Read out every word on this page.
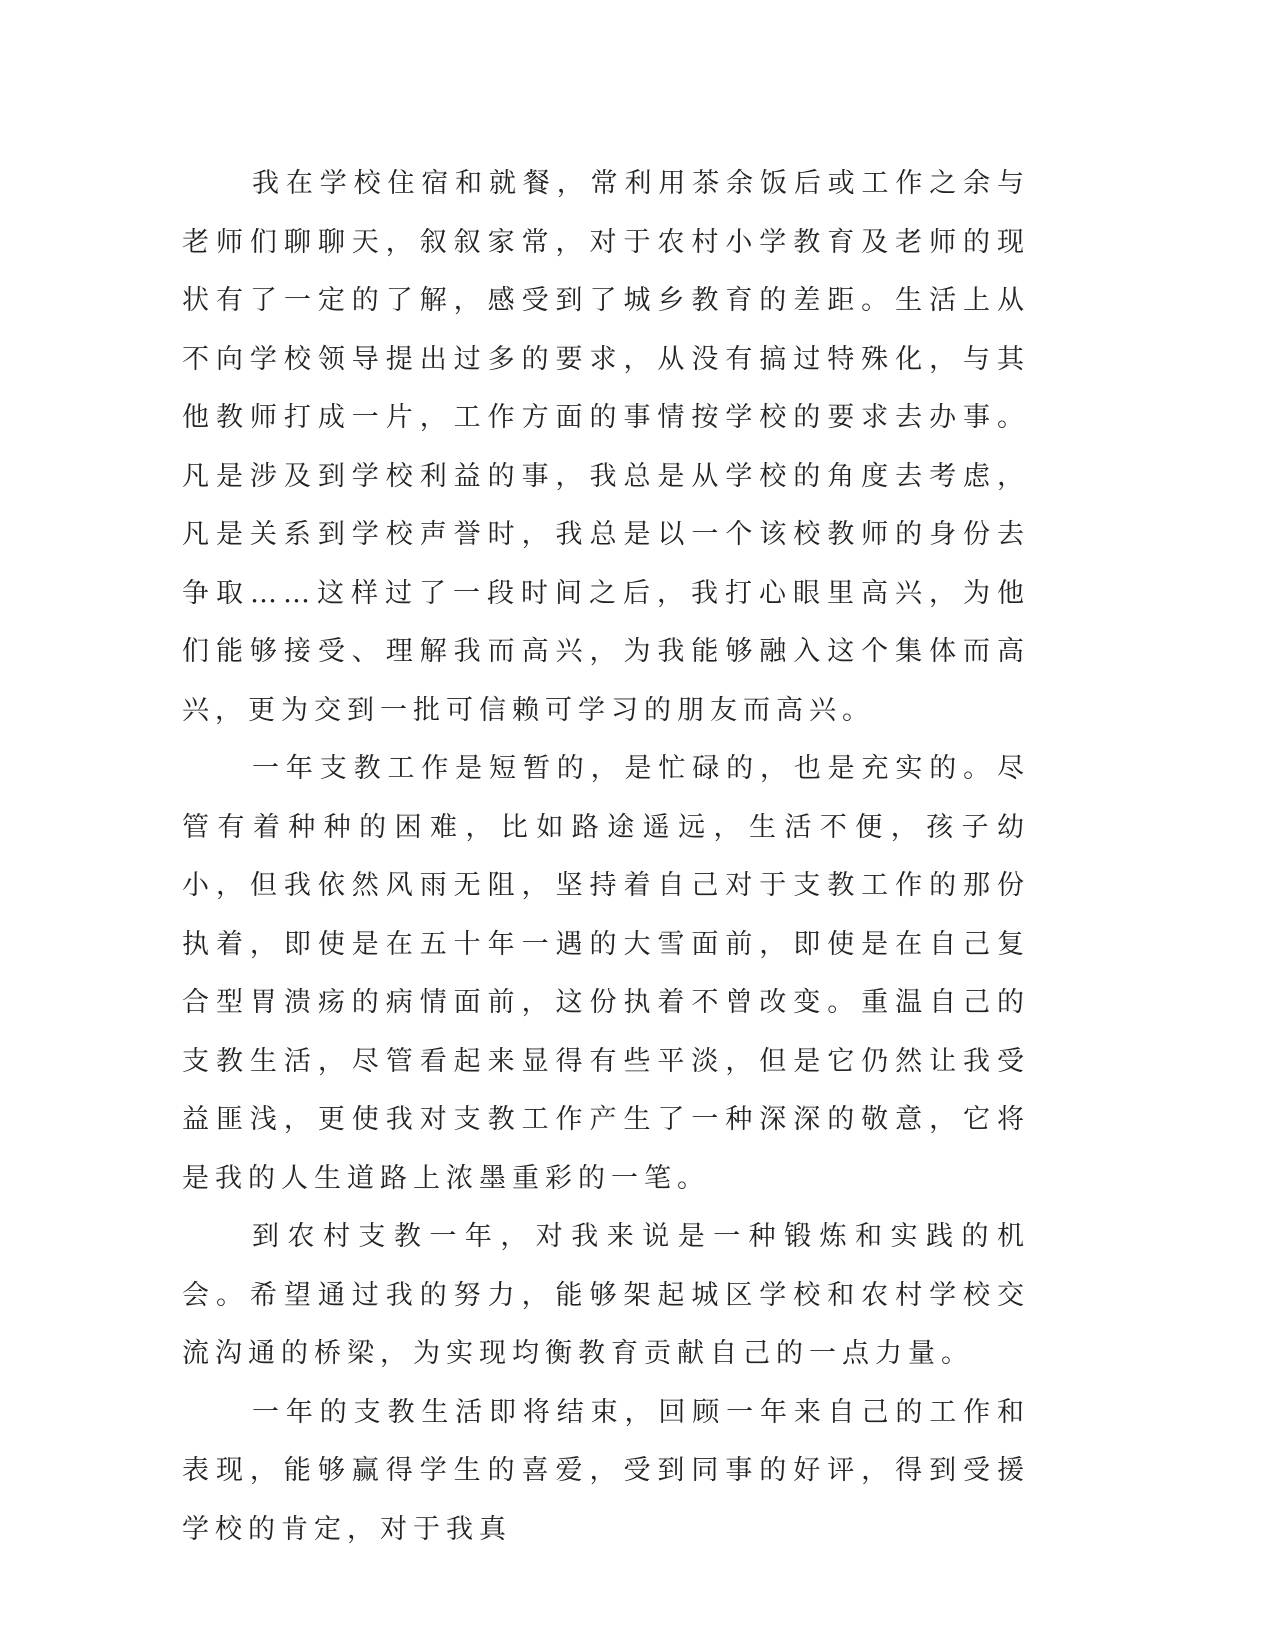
我在学校住宿和就餐，常利用茶余饭后或工作之余与老师们聊聊天，叙叙家常，对于农村小学教育及老师的现状有了一定的了解，感受到了城乡教育的差距。生活上从不向学校领导提出过多的要求，从没有搞过特殊化，与其他教师打成一片，工作方面的事情按学校的要求去办事。凡是涉及到学校利益的事，我总是从学校的角度去考虑，凡是关系到学校声誉时，我总是以一个该校教师的身份去争取……这样过了一段时间之后，我打心眼里高兴，为他们能够接受、理解我而高兴，为我能够融入这个集体而高兴，更为交到一批可信赖可学习的朋友而高兴。

一年支教工作是短暂的，是忙碌的，也是充实的。尽管有着种种的困难，比如路途遥远，生活不便，孩子幼小，但我依然风雨无阻，坚持着自己对于支教工作的那份执着，即使是在五十年一遇的大雪面前，即使是在自己复合型胃溃疡的病情面前，这份执着不曾改变。重温自己的支教生活，尽管看起来显得有些平淡，但是它仍然让我受益匪浅，更使我对支教工作产生了一种深深的敬意，它将是我的人生道路上浓墨重彩的一笔。

到农村支教一年，对我来说是一种锻炼和实践的机会。希望通过我的努力，能够架起城区学校和农村学校交流沟通的桥梁，为实现均衡教育贡献自己的一点力量。

一年的支教生活即将结束，回顾一年来自己的工作和表现，能够赢得学生的喜爱，受到同事的好评，得到受援学校的肯定，对于我真
